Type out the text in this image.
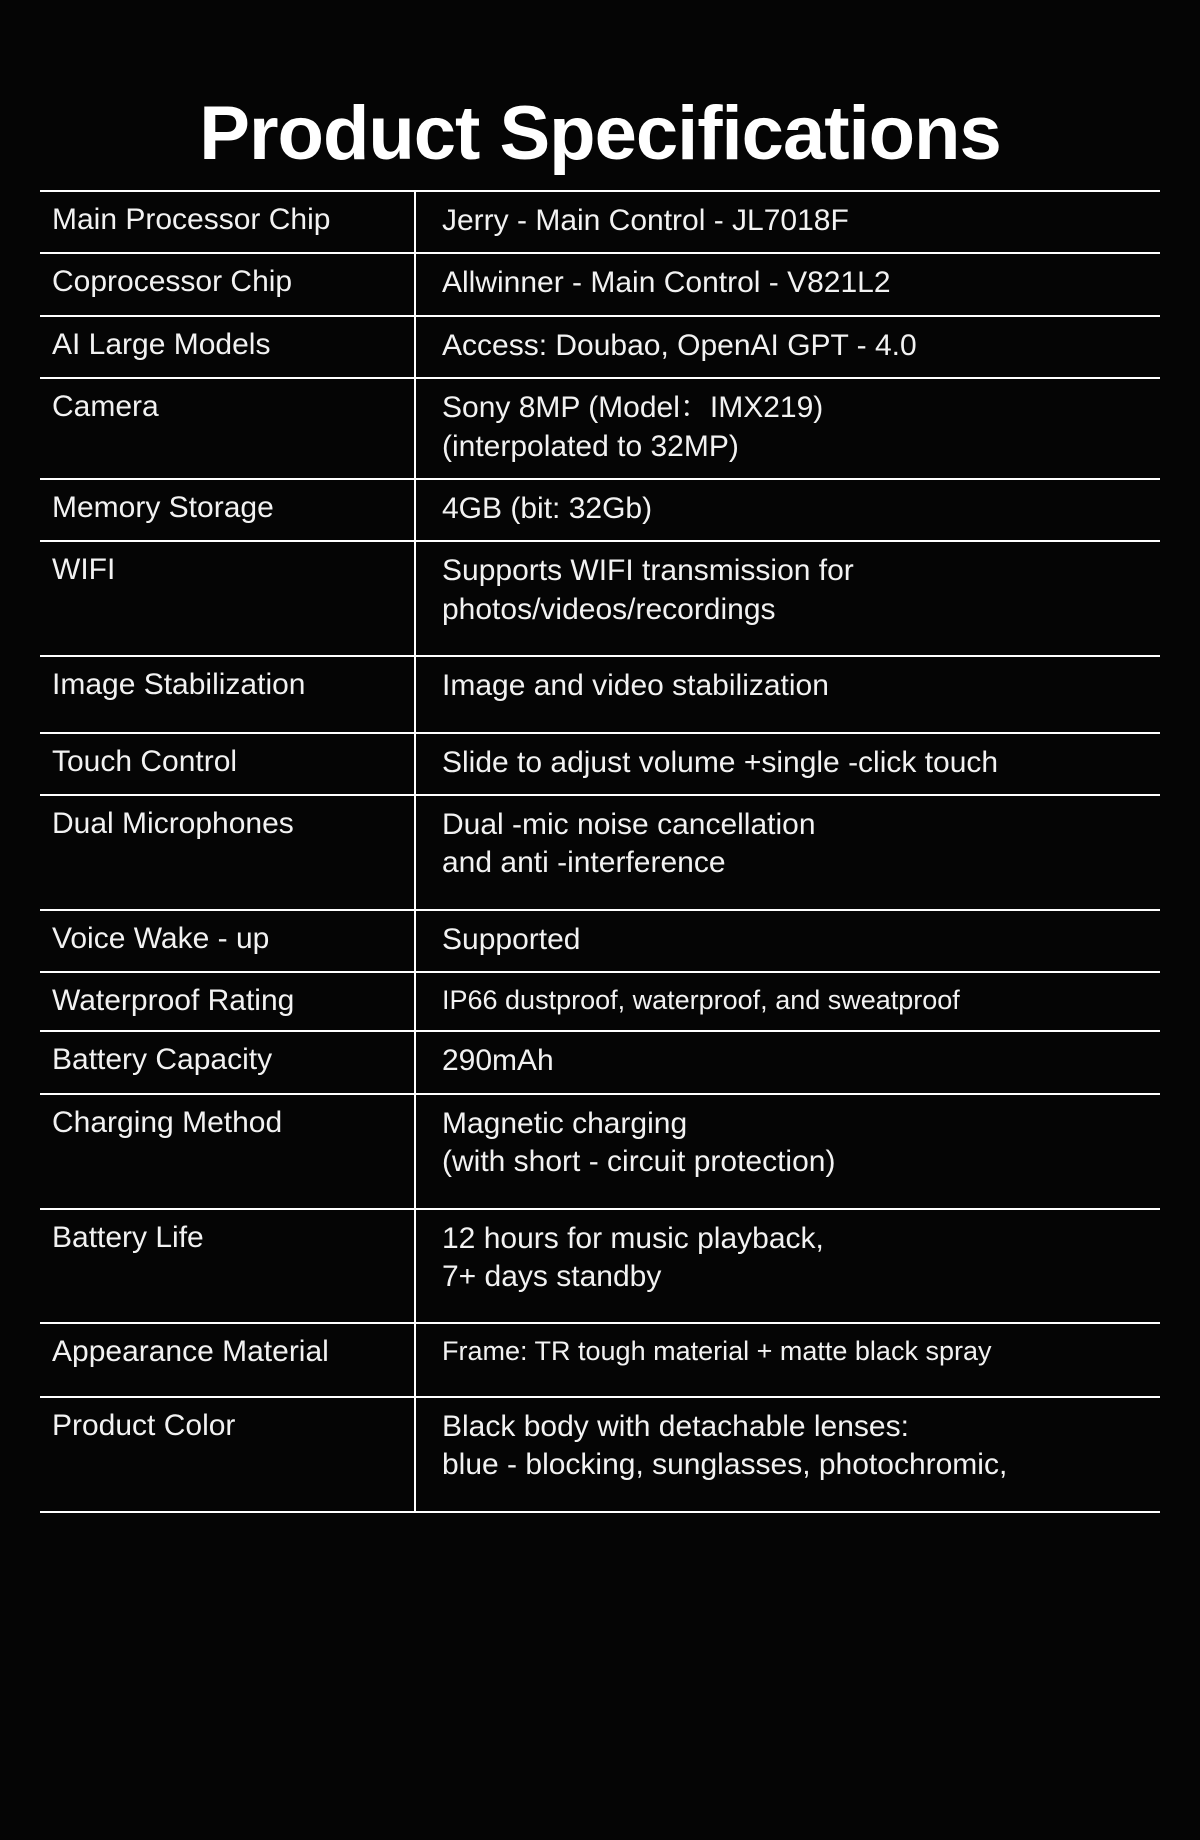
Product Specifications
Main Processor Chip	Jerry - Main Control - JL7018F

Coprocessor Chip	Allwinner - Main Control - V821L2

AI Large Models	Access: Doubao, OpenAI GPT - 4.0

Camera	Sony 8MP (Model：IMX219)
(interpolated to 32MP)

Memory Storage	4GB (bit: 32Gb)

WIFI	Supports WIFI transmission for
photos/videos/recordings

Image Stabilization	Image and video stabilization

Touch Control	Slide to adjust volume +single -click touch

Dual Microphones	Dual -mic noise cancellation
and anti -interference

Voice Wake - up	Supported

Waterproof Rating	IP66 dustproof, waterproof, and sweatproof

Battery Capacity	290mAh

Charging Method	Magnetic charging
(with short - circuit protection)

Battery Life	12 hours for music playback,
7+ days standby

Appearance Material	Frame: TR tough material + matte black spray

Product Color	Black body with detachable lenses:
blue - blocking, sunglasses, photochromic,
